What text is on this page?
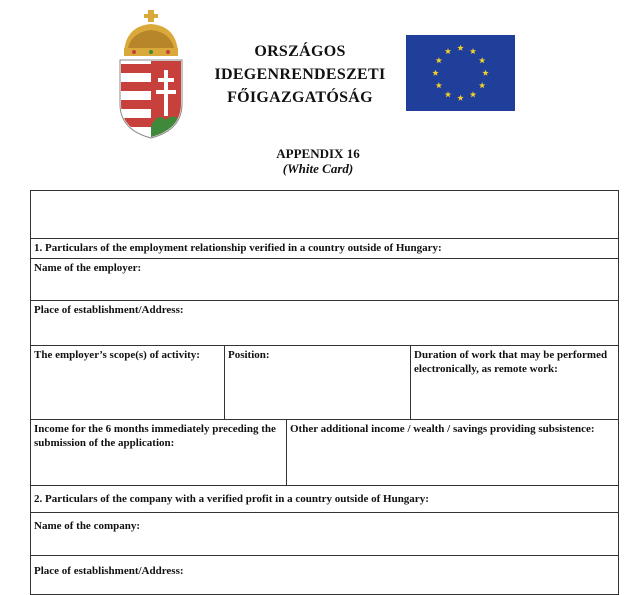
ORSZÁGOS
IDEGENRENDESZETI
FŐIGAZGATÓSÁG
APPENDIX 16
(White Card)
1. Particulars of the employment relationship verified in a country outside of Hungary:
Name of the employer:
Place of establishment/Address:
The employer’s scope(s) of activity:	Position:	Duration of work that may be performed electronically, as remote work:
Income for the 6 months immediately preceding the submission of the application:
Other additional income / wealth / savings providing subsistence:
2. Particulars of the company with a verified profit in a country outside of Hungary:
Name of the company:
Place of establishment/Address:
